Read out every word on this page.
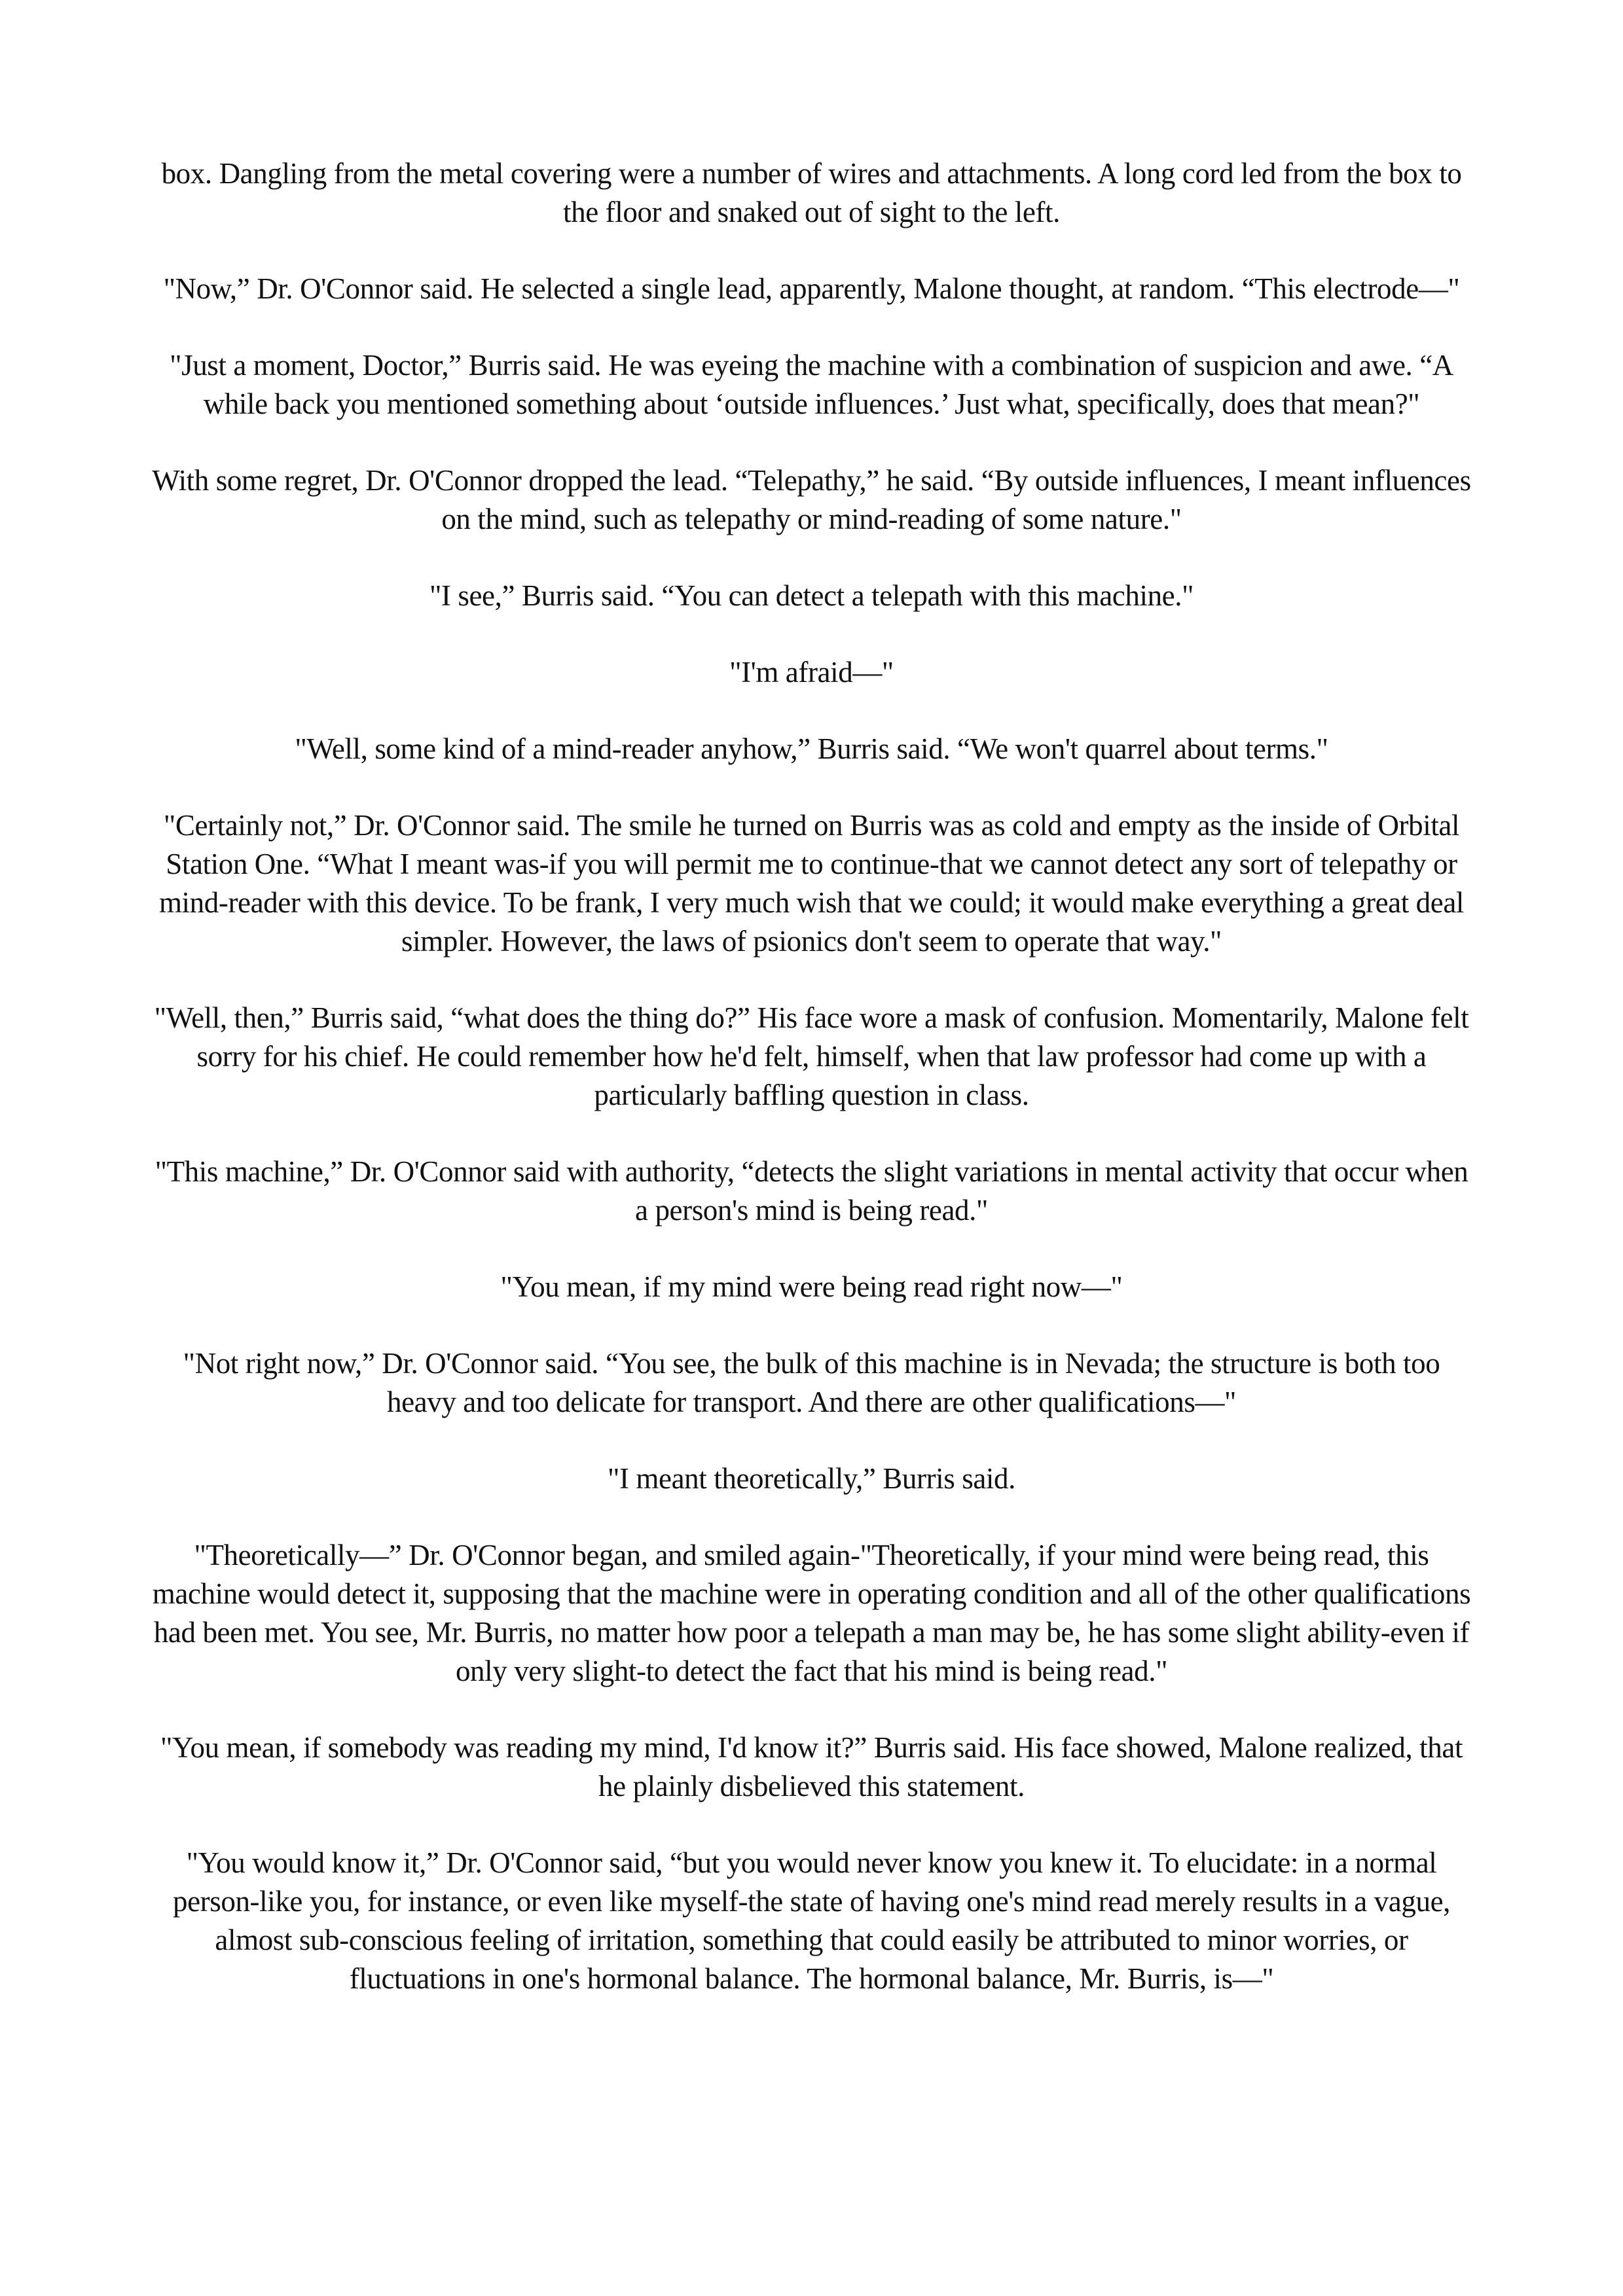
box. Dangling from the metal covering were a number of wires and attachments. A long cord led from the box to the floor and snaked out of sight to the left.

"Now,” Dr. O'Connor said. He selected a single lead, apparently, Malone thought, at random. “This electrode—"

"Just a moment, Doctor,” Burris said. He was eyeing the machine with a combination of suspicion and awe. “A while back you mentioned something about ‘outside influences.’ Just what, specifically, does that mean?"

With some regret, Dr. O'Connor dropped the lead. “Telepathy,” he said. “By outside influences, I meant influences on the mind, such as telepathy or mind-reading of some nature."

"I see,” Burris said. “You can detect a telepath with this machine."

"I'm afraid—"

"Well, some kind of a mind-reader anyhow,” Burris said. “We won't quarrel about terms."

"Certainly not,” Dr. O'Connor said. The smile he turned on Burris was as cold and empty as the inside of Orbital Station One. “What I meant was-if you will permit me to continue-that we cannot detect any sort of telepathy or mind-reader with this device. To be frank, I very much wish that we could; it would make everything a great deal simpler. However, the laws of psionics don't seem to operate that way."

"Well, then,” Burris said, “what does the thing do?” His face wore a mask of confusion. Momentarily, Malone felt sorry for his chief. He could remember how he'd felt, himself, when that law professor had come up with a particularly baffling question in class.

"This machine,” Dr. O'Connor said with authority, “detects the slight variations in mental activity that occur when a person's mind is being read."

"You mean, if my mind were being read right now—"

"Not right now,” Dr. O'Connor said. “You see, the bulk of this machine is in Nevada; the structure is both too heavy and too delicate for transport. And there are other qualifications—"

"I meant theoretically,” Burris said.

"Theoretically—” Dr. O'Connor began, and smiled again-"Theoretically, if your mind were being read, this machine would detect it, supposing that the machine were in operating condition and all of the other qualifications had been met. You see, Mr. Burris, no matter how poor a telepath a man may be, he has some slight ability-even if only very slight-to detect the fact that his mind is being read."

"You mean, if somebody was reading my mind, I'd know it?” Burris said. His face showed, Malone realized, that he plainly disbelieved this statement.

"You would know it,” Dr. O'Connor said, “but you would never know you knew it. To elucidate: in a normal person-like you, for instance, or even like myself-the state of having one's mind read merely results in a vague, almost sub-conscious feeling of irritation, something that could easily be attributed to minor worries, or fluctuations in one's hormonal balance. The hormonal balance, Mr. Burris, is—"
